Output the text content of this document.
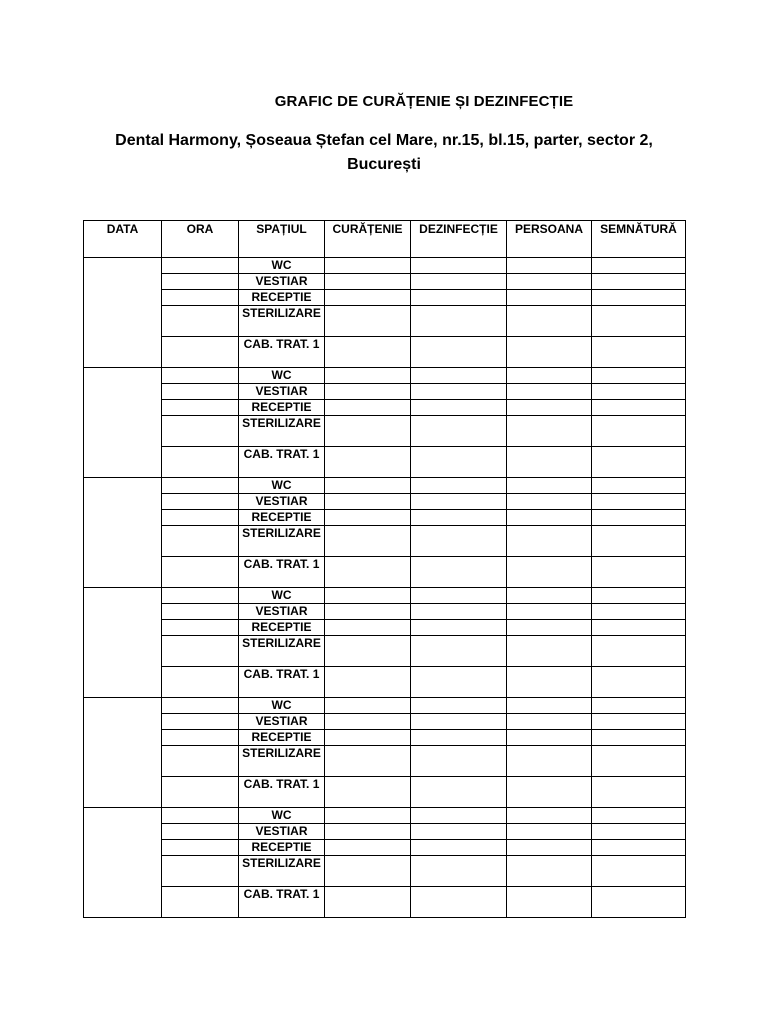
GRAFIC DE CURĂȚENIE ȘI DEZINFECȚIE
Dental Harmony, Șoseaua Ștefan cel Mare, nr.15, bl.15, parter, sector 2, București
DATA	ORA	SPAȚIUL	CURĂȚENIE	DEZINFECȚIE	PERSOANA	SEMNĂTURĂ
		WC				
		VESTIAR				
		RECEPTIE				
		STERILIZARE				
		CAB. TRAT. 1				
		WC				
		VESTIAR				
		RECEPTIE				
		STERILIZARE				
		CAB. TRAT. 1				
		WC				
		VESTIAR				
		RECEPTIE				
		STERILIZARE				
		CAB. TRAT. 1				
		WC				
		VESTIAR				
		RECEPTIE				
		STERILIZARE				
		CAB. TRAT. 1				
		WC				
		VESTIAR				
		RECEPTIE				
		STERILIZARE				
		CAB. TRAT. 1				
		WC				
		VESTIAR				
		RECEPTIE				
		STERILIZARE				
		CAB. TRAT. 1				
